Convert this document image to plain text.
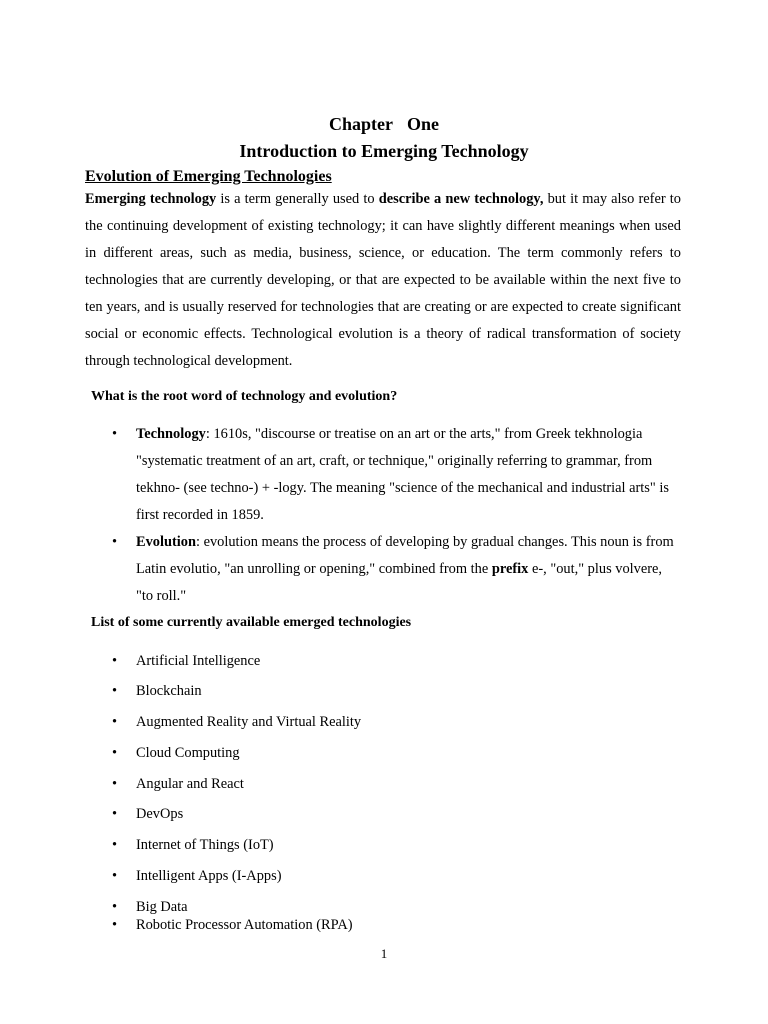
Chapter One
Introduction to Emerging Technology
Evolution of Emerging Technologies

Emerging technology is a term generally used to describe a new technology, but it may also refer to the continuing development of existing technology; it can have slightly different meanings when used in different areas, such as media, business, science, or education. The term commonly refers to technologies that are currently developing, or that are expected to be available within the next five to ten years, and is usually reserved for technologies that are creating or are expected to create significant social or economic effects. Technological evolution is a theory of radical transformation of society through technological development.

What is the root word of technology and evolution?
• Technology: 1610s, "discourse or treatise on an art or the arts," from Greek tekhnologia "systematic treatment of an art, craft, or technique," originally referring to grammar, from tekhno- (see techno-) + -logy. The meaning "science of the mechanical and industrial arts" is first recorded in 1859.
• Evolution: evolution means the process of developing by gradual changes. This noun is from Latin evolutio, "an unrolling or opening," combined from the prefix e-, "out," plus volvere, "to roll."
List of some currently available emerged technologies
• Artificial Intelligence
• Blockchain
• Augmented Reality and Virtual Reality
• Cloud Computing
• Angular and React
• DevOps
• Internet of Things (IoT)
• Intelligent Apps (I-Apps)
• Big Data
• Robotic Processor Automation (RPA)
1
